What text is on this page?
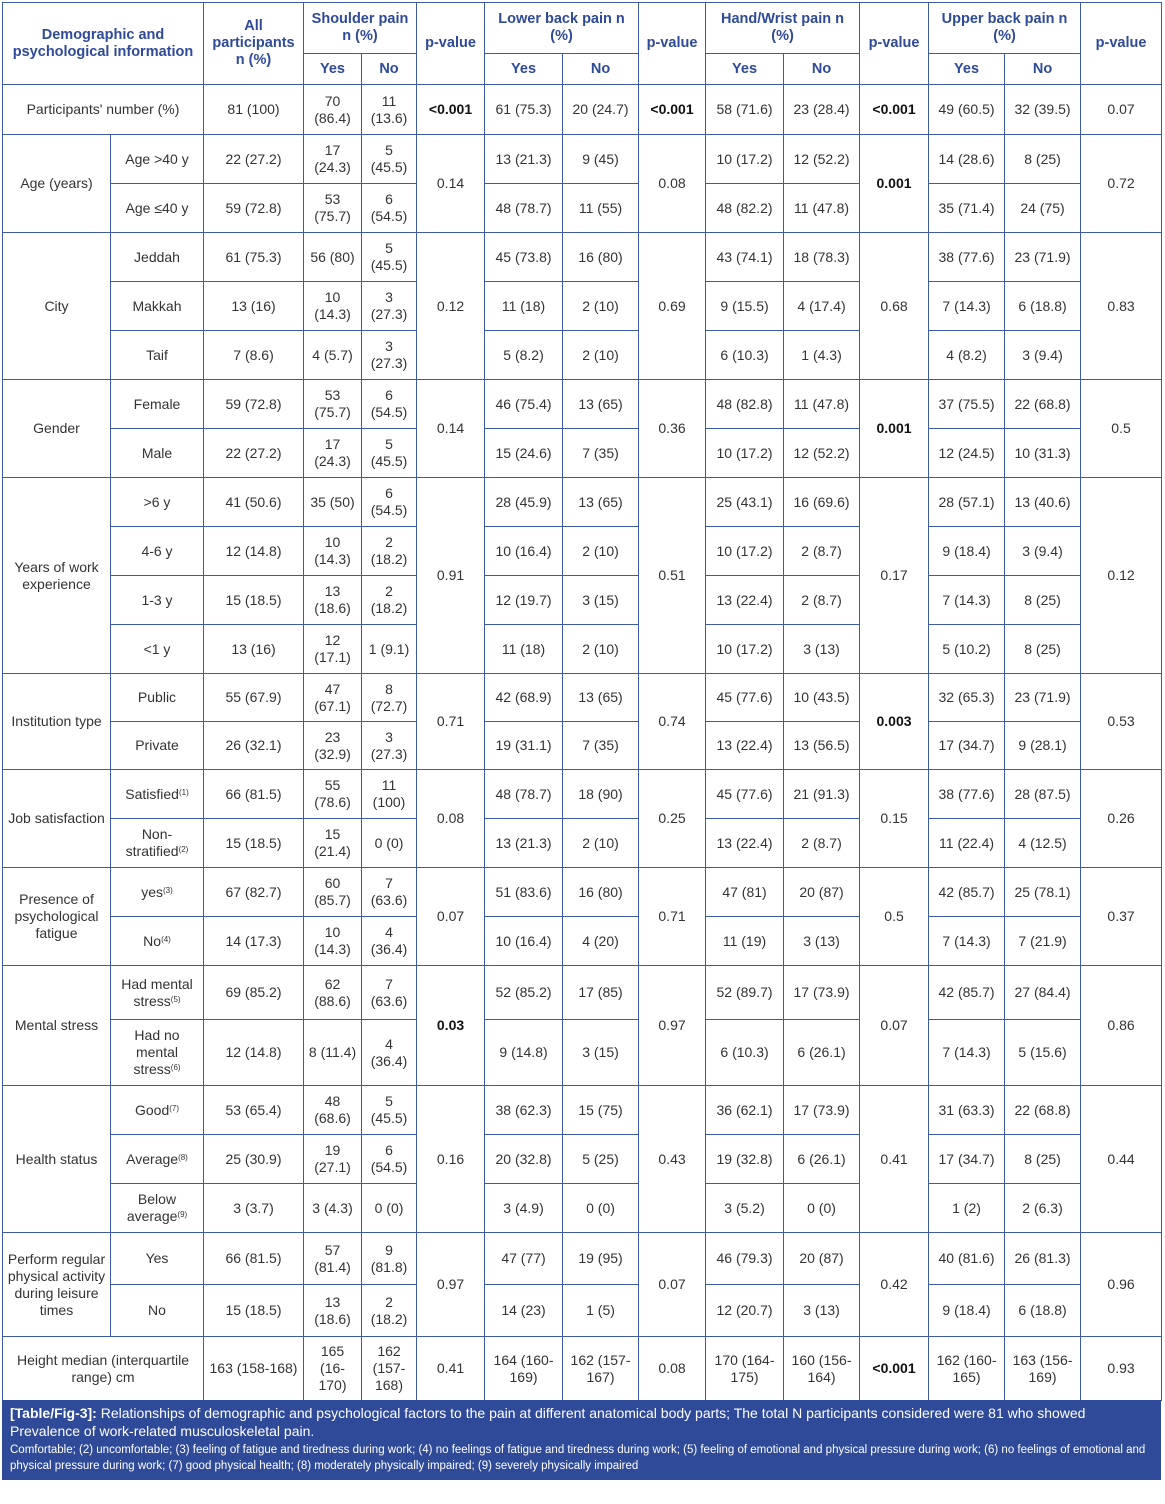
Demographic and psychological information		All participants n (%)	Shoulder pain n (%)		p-value	Lower back pain n (%)		p-value	Hand/Wrist pain n (%)		p-value	Upper back pain n (%)		p-value
			Yes	No		Yes	No		Yes	No		Yes	No	
Participants' number (%)		81 (100)	70 (86.4)	11 (13.6)	<0.001	61 (75.3)	20 (24.7)	<0.001	58 (71.6)	23 (28.4)	<0.001	49 (60.5)	32 (39.5)	0.07
Age (years)	Age >40 y	22 (27.2)	17 (24.3)	5 (45.5)	0.14	13 (21.3)	9 (45)	0.08	10 (17.2)	12 (52.2)	0.001	14 (28.6)	8 (25)	0.72
	Age ≤40 y	59 (72.8)	53 (75.7)	6 (54.5)		48 (78.7)	11 (55)		48 (82.2)	11 (47.8)		35 (71.4)	24 (75)	
City	Jeddah	61 (75.3)	56 (80)	5 (45.5)	0.12	45 (73.8)	16 (80)	0.69	43 (74.1)	18 (78.3)	0.68	38 (77.6)	23 (71.9)	0.83
	Makkah	13 (16)	10 (14.3)	3 (27.3)		11 (18)	2 (10)		9 (15.5)	4 (17.4)		7 (14.3)	6 (18.8)	
	Taif	7 (8.6)	4 (5.7)	3 (27.3)		5 (8.2)	2 (10)		6 (10.3)	1 (4.3)		4 (8.2)	3 (9.4)	
Gender	Female	59 (72.8)	53 (75.7)	6 (54.5)	0.14	46 (75.4)	13 (65)	0.36	48 (82.8)	11 (47.8)	0.001	37 (75.5)	22 (68.8)	0.5
	Male	22 (27.2)	17 (24.3)	5 (45.5)		15 (24.6)	7 (35)		10 (17.2)	12 (52.2)		12 (24.5)	10 (31.3)	
Years of work experience	>6 y	41 (50.6)	35 (50)	6 (54.5)	0.91	28 (45.9)	13 (65)	0.51	25 (43.1)	16 (69.6)	0.17	28 (57.1)	13 (40.6)	0.12
	4-6 y	12 (14.8)	10 (14.3)	2 (18.2)		10 (16.4)	2 (10)		10 (17.2)	2 (8.7)		9 (18.4)	3 (9.4)	
	1-3 y	15 (18.5)	13 (18.6)	2 (18.2)		12 (19.7)	3 (15)		13 (22.4)	2 (8.7)		7 (14.3)	8 (25)	
	<1 y	13 (16)	12 (17.1)	1 (9.1)		11 (18)	2 (10)		10 (17.2)	3 (13)		5 (10.2)	8 (25)	
Institution type	Public	55 (67.9)	47 (67.1)	8 (72.7)	0.71	42 (68.9)	13 (65)	0.74	45 (77.6)	10 (43.5)	0.003	32 (65.3)	23 (71.9)	0.53
	Private	26 (32.1)	23 (32.9)	3 (27.3)		19 (31.1)	7 (35)		13 (22.4)	13 (56.5)		17 (34.7)	9 (28.1)	
Job satisfaction	Satisfied$^{(1)}$	66 (81.5)	55 (78.6)	11 (100)	0.08	48 (78.7)	18 (90)	0.25	45 (77.6)	21 (91.3)	0.15	38 (77.6)	28 (87.5)	0.26
	Non-stratified$^{(2)}$	15 (18.5)	15 (21.4)	0 (0)		13 (21.3)	2 (10)		13 (22.4)	2 (8.7)		11 (22.4)	4 (12.5)	
Presence of psychological fatigue	yes$^{(3)}$	67 (82.7)	60 (85.7)	7 (63.6)	0.07	51 (83.6)	16 (80)	0.71	47 (81)	20 (87)	0.5	42 (85.7)	25 (78.1)	0.37
	No$^{(4)}$	14 (17.3)	10 (14.3)	4 (36.4)		10 (16.4)	4 (20)		11 (19)	3 (13)		7 (14.3)	7 (21.9)	
Mental stress	Had mental stress$^{(5)}$	69 (85.2)	62 (88.6)	7 (63.6)	0.03	52 (85.2)	17 (85)	0.97	52 (89.7)	17 (73.9)	0.07	42 (85.7)	27 (84.4)	0.86
	Had no mental stress$^{(6)}$	12 (14.8)	8 (11.4)	4 (36.4)		9 (14.8)	3 (15)		6 (10.3)	6 (26.1)		7 (14.3)	5 (15.6)	
Health status	Good$^{(7)}$	53 (65.4)	48 (68.6)	5 (45.5)	0.16	38 (62.3)	15 (75)	0.43	36 (62.1)	17 (73.9)	0.41	31 (63.3)	22 (68.8)	0.44
	Average$^{(8)}$	25 (30.9)	19 (27.1)	6 (54.5)		20 (32.8)	5 (25)		19 (32.8)	6 (26.1)		17 (34.7)	8 (25)	
	Below average$^{(9)}$	3 (3.7)	3 (4.3)	0 (0)		3 (4.9)	0 (0)		3 (5.2)	0 (0)		1 (2)	2 (6.3)	
Perform regular physical activity during leisure times	Yes	66 (81.5)	57 (81.4)	9 (81.8)	0.97	47 (77)	19 (95)	0.07	46 (79.3)	20 (87)	0.42	40 (81.6)	26 (81.3)	0.96
	No	15 (18.5)	13 (18.6)	2 (18.2)		14 (23)	1 (5)		12 (20.7)	3 (13)		9 (18.4)	6 (18.8)	
Height median (interquartile range) cm		163 (158-168)	165 (16-170)	162 (157-168)	0.41	164 (160-169)	162 (157-167)	0.08	170 (164-175)	160 (156-164)	<0.001	162 (160-165)	163 (156-169)	0.93
[Table/Fig-3]: Relationships of demographic and psychological factors to the pain at different anatomical body parts; The total N participants considered were 81 who showed Prevalence of work-related musculoskeletal pain.
Comfortable; (2) uncomfortable; (3) feeling of fatigue and tiredness during work; (4) no feelings of fatigue and tiredness during work; (5) feeling of emotional and physical pressure during work; (6) no feelings of emotional and physical pressure during work; (7) good physical health; (8) moderately physically impaired; (9) severely physically impaired
